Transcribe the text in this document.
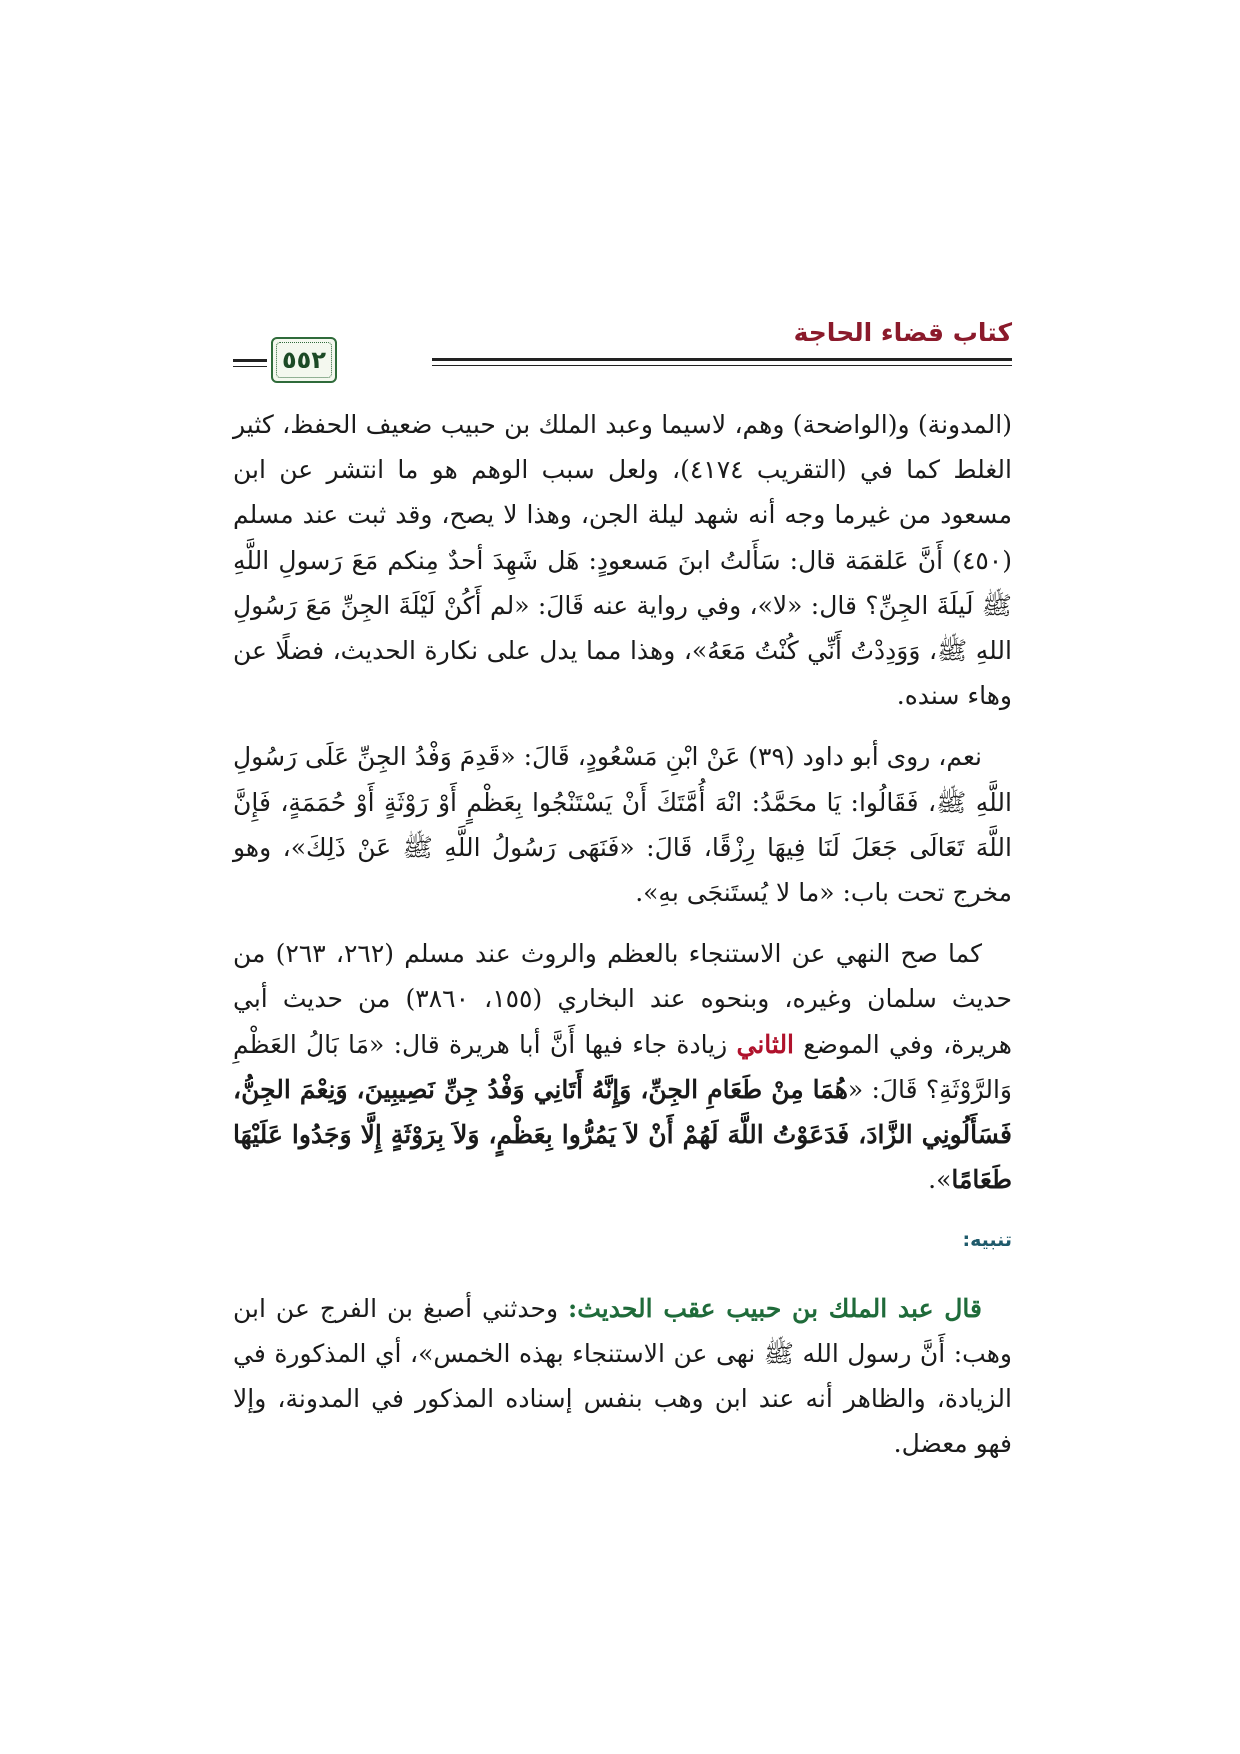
كتاب قضاء الحاجة
٥٥٢

(المدونة) و(الواضحة) وهم، لاسيما وعبد الملك بن حبيب ضعيف الحفظ، كثير الغلط كما في (التقريب ٤١٧٤)، ولعل سبب الوهم هو ما انتشر عن ابن مسعود من غيرما وجه أنه شهد ليلة الجن، وهذا لا يصح، وقد ثبت عند مسلم (٤٥٠) أَنَّ عَلقمَة قال: سَأَلتُ ابنَ مَسعودٍ: هَل شَهِدَ أحدٌ مِنكم مَعَ رَسولِ اللَّهِ ﷺ لَيلَةَ الجِنِّ؟ قال: «لا»، وفي رواية عنه قَالَ: «لم أَكُنْ لَيْلَةَ الجِنِّ مَعَ رَسُولِ اللهِ ﷺ، وَوَدِدْتُ أَنِّي كُنْتُ مَعَهُ»، وهذا مما يدل على نكارة الحديث، فضلًا عن وهاء سنده.

نعم، روى أبو داود (٣٩) عَنْ ابْنِ مَسْعُودٍ، قَالَ: «قَدِمَ وَفْدُ الجِنِّ عَلَى رَسُولِ اللَّهِ ﷺ، فَقَالُوا: يَا محَمَّدُ: انْهَ أُمَّتَكَ أَنْ يَسْتَنْجُوا بِعَظْمٍ أَوْ رَوْثَةٍ أَوْ حُمَمَةٍ، فَإِنَّ اللَّهَ تَعَالَى جَعَلَ لَنَا فِيهَا رِزْقًا، قَالَ: «فَنَهَى رَسُولُ اللَّهِ ﷺ عَنْ ذَلِكَ»، وهو مخرج تحت باب: «ما لا يُستَنجَى بهِ».

كما صح النهي عن الاستنجاء بالعظم والروث عند مسلم (٢٦٢، ٢٦٣) من حديث سلمان وغيره، وبنحوه عند البخاري (١٥٥، ٣٨٦٠) من حديث أبي هريرة، وفي الموضع الثاني زيادة جاء فيها أَنَّ أبا هريرة قال: «مَا بَالُ العَظْمِ وَالرَّوْثَةِ؟ قَالَ: «هُمَا مِنْ طَعَامِ الجِنِّ، وَإِنَّهُ أَتَانِي وَفْدُ جِنِّ نَصِيبِينَ، وَنِعْمَ الجِنُّ، فَسَأَلُونِي الزَّادَ، فَدَعَوْتُ اللَّهَ لَهُمْ أَنْ لاَ يَمُرُّوا بِعَظْمٍ، وَلاَ بِرَوْثَةٍ إِلَّا وَجَدُوا عَلَيْهَا طَعَامًا».

تنبيه:

قال عبد الملك بن حبيب عقب الحديث: وحدثني أصبغ بن الفرج عن ابن وهب: أَنَّ رسول الله ﷺ نهى عن الاستنجاء بهذه الخمس»، أي المذكورة في الزيادة، والظاهر أنه عند ابن وهب بنفس إسناده المذكور في المدونة، وإلا فهو معضل.
